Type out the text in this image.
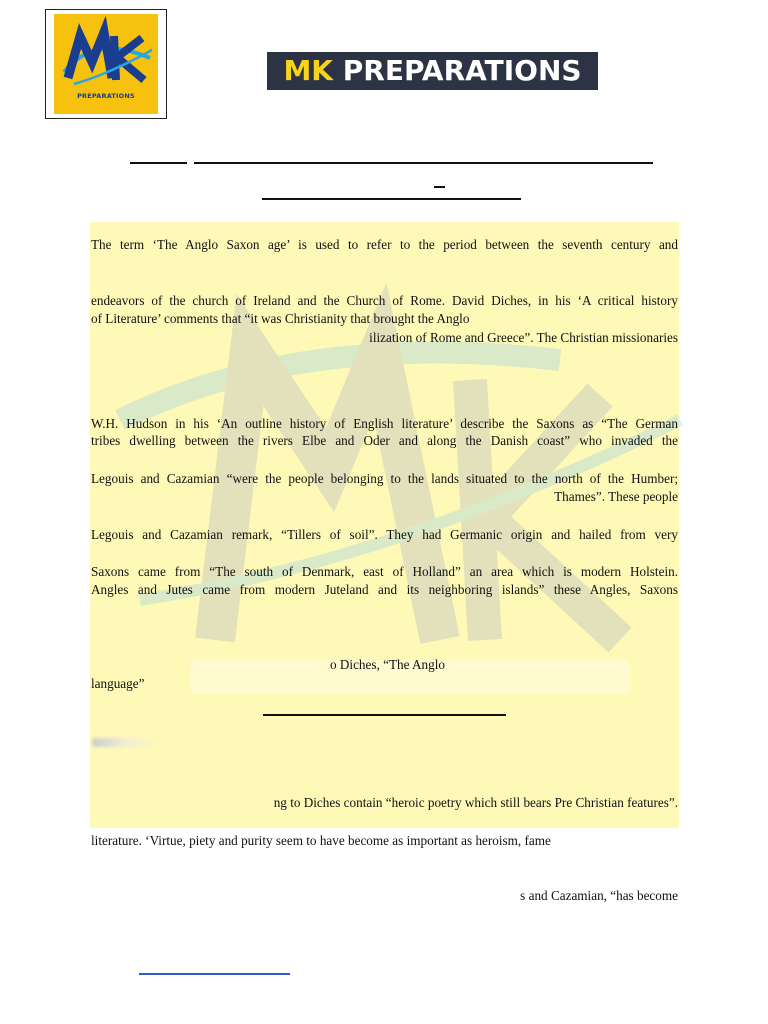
PREPARATIONS
MK PREPARATIONS
The term ‘The Anglo Saxon age’ is used to refer to the period between the seventh century and
endeavors of the church of Ireland and the Church of Rome. David Diches, in his ‘A critical history
of Literature’ comments that “it was Christianity that brought the Anglo
ilization of Rome and Greece”. The Christian missionaries
W.H. Hudson in his ‘An outline history of English literature’ describe the Saxons as “The German
tribes dwelling between the rivers Elbe and Oder and along the Danish coast” who invaded the
Legouis and Cazamian “were the people belonging to the lands situated to the north of the Humber;
Thames”. These people
Legouis and Cazamian remark, “Tillers of soil”. They had Germanic origin and hailed from very
Saxons came from “The south of Denmark, east of Holland” an area which is modern Holstein.
Angles and Jutes came from modern Juteland and its neighboring islands” these Angles, Saxons
o Diches, “The Anglo
language”
ng to Diches contain “heroic poetry which still bears Pre Christian features”.
literature. ‘Virtue, piety and purity seem to have become as important as heroism, fame
s and Cazamian, “has become
